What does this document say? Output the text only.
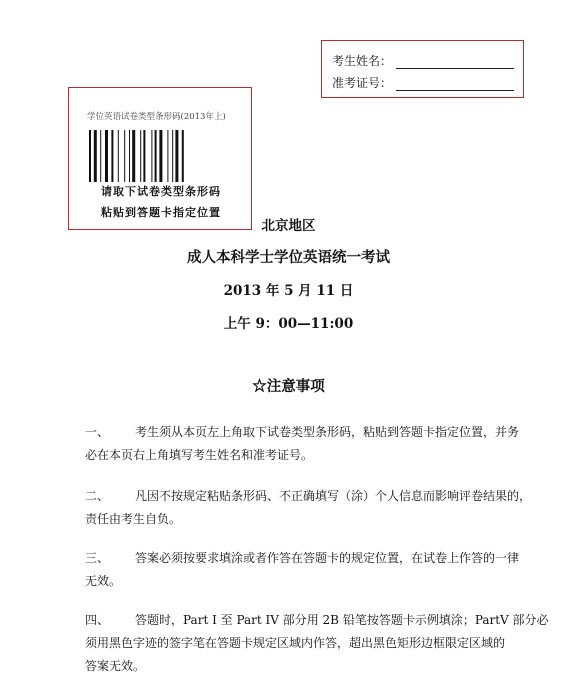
考生姓名：
准考证号：
学位英语试卷类型条形码(2013年上)
请取下试卷类型条形码
粘贴到答题卡指定位置
北京地区
成人本科学士学位英语统一考试
2013 年 5 月 11 日
上午 9：00—11:00
☆注意事项

一、 考生须从本页左上角取下试卷类型条形码，粘贴到答题卡指定位置，并务

必在本页右上角填写考生姓名和准考证号。

二、 凡因不按规定粘贴条形码、不正确填写（涂）个人信息而影响评卷结果的，

责任由考生自负。

三、 答案必须按要求填涂或者作答在答题卡的规定位置，在试卷上作答的一律

无效。

四、 答题时，Part I 至 Part IV 部分用 2B 铅笔按答题卡示例填涂；PartV 部分必

须用黑色字迹的签字笔在答题卡规定区域内作答，超出黑色矩形边框限定区域的

答案无效。
